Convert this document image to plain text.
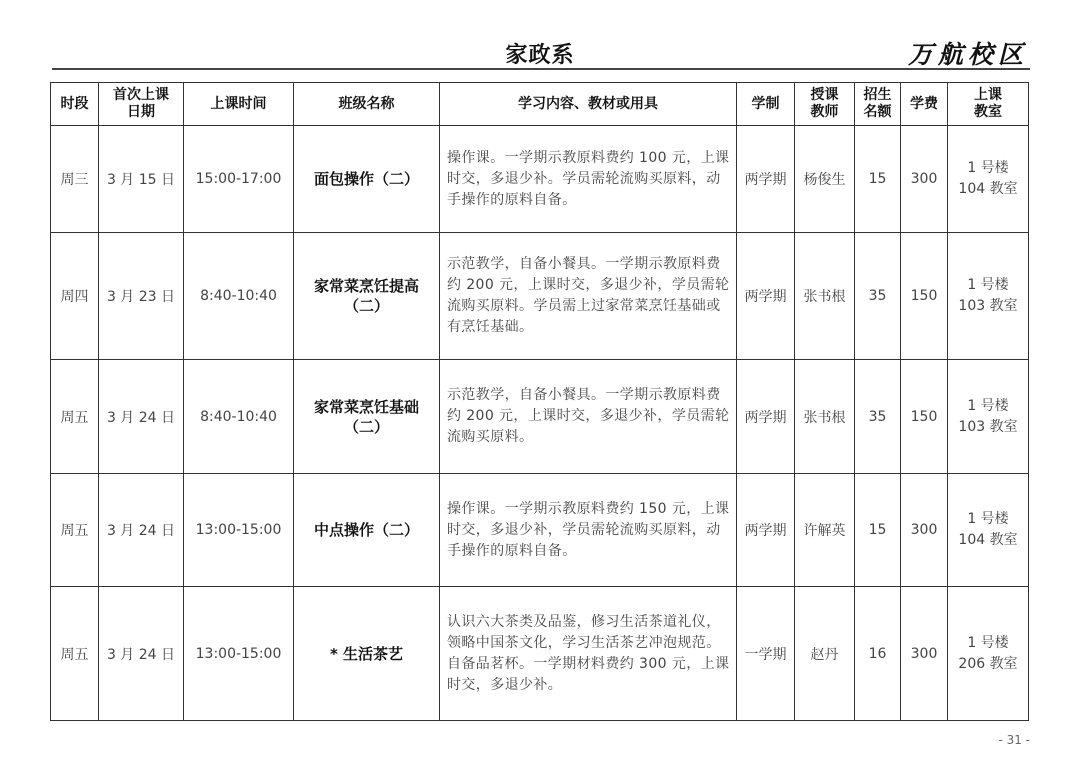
家政系	万航校区
时段	首次上课日期	上课时间	班级名称	学习内容、教材或用具	学制	授课教师	招生名额	学费	上课教室
周三	3 月 15 日	15:00-17:00	面包操作（二）	操作课。一学期示教原料费约 100 元，上课时交，多退少补。学员需轮流购买原料，动手操作的原料自备。	两学期	杨俊生	15	300	1 号楼
104 教室

周四	3 月 23 日	8:40-10:40	家常菜烹饪提高（二）	示范教学，自备小餐具。一学期示教原料费约 200 元，上课时交，多退少补，学员需轮流购买原料。学员需上过家常菜烹饪基础或有烹饪基础。	两学期	张书根	35	150	1 号楼
103 教室

周五	3 月 24 日	8:40-10:40	家常菜烹饪基础（二）	示范教学，自备小餐具。一学期示教原料费约 200 元，上课时交，多退少补，学员需轮流购买原料。	两学期	张书根	35	150	1 号楼
103 教室

周五	3 月 24 日	13:00-15:00	中点操作（二）	操作课。一学期示教原料费约 150 元，上课时交，多退少补，学员需轮流购买原料，动手操作的原料自备。	两学期	许解英	15	300	1 号楼
104 教室

周五	3 月 24 日	13:00-15:00	* 生活茶艺	认识六大茶类及品鉴，修习生活茶道礼仪，领略中国茶文化，学习生活茶艺冲泡规范。自备品茗杯。一学期材料费约 300 元，上课时交，多退少补。	一学期	赵丹	16	300	1 号楼
206 教室
- 31 -
